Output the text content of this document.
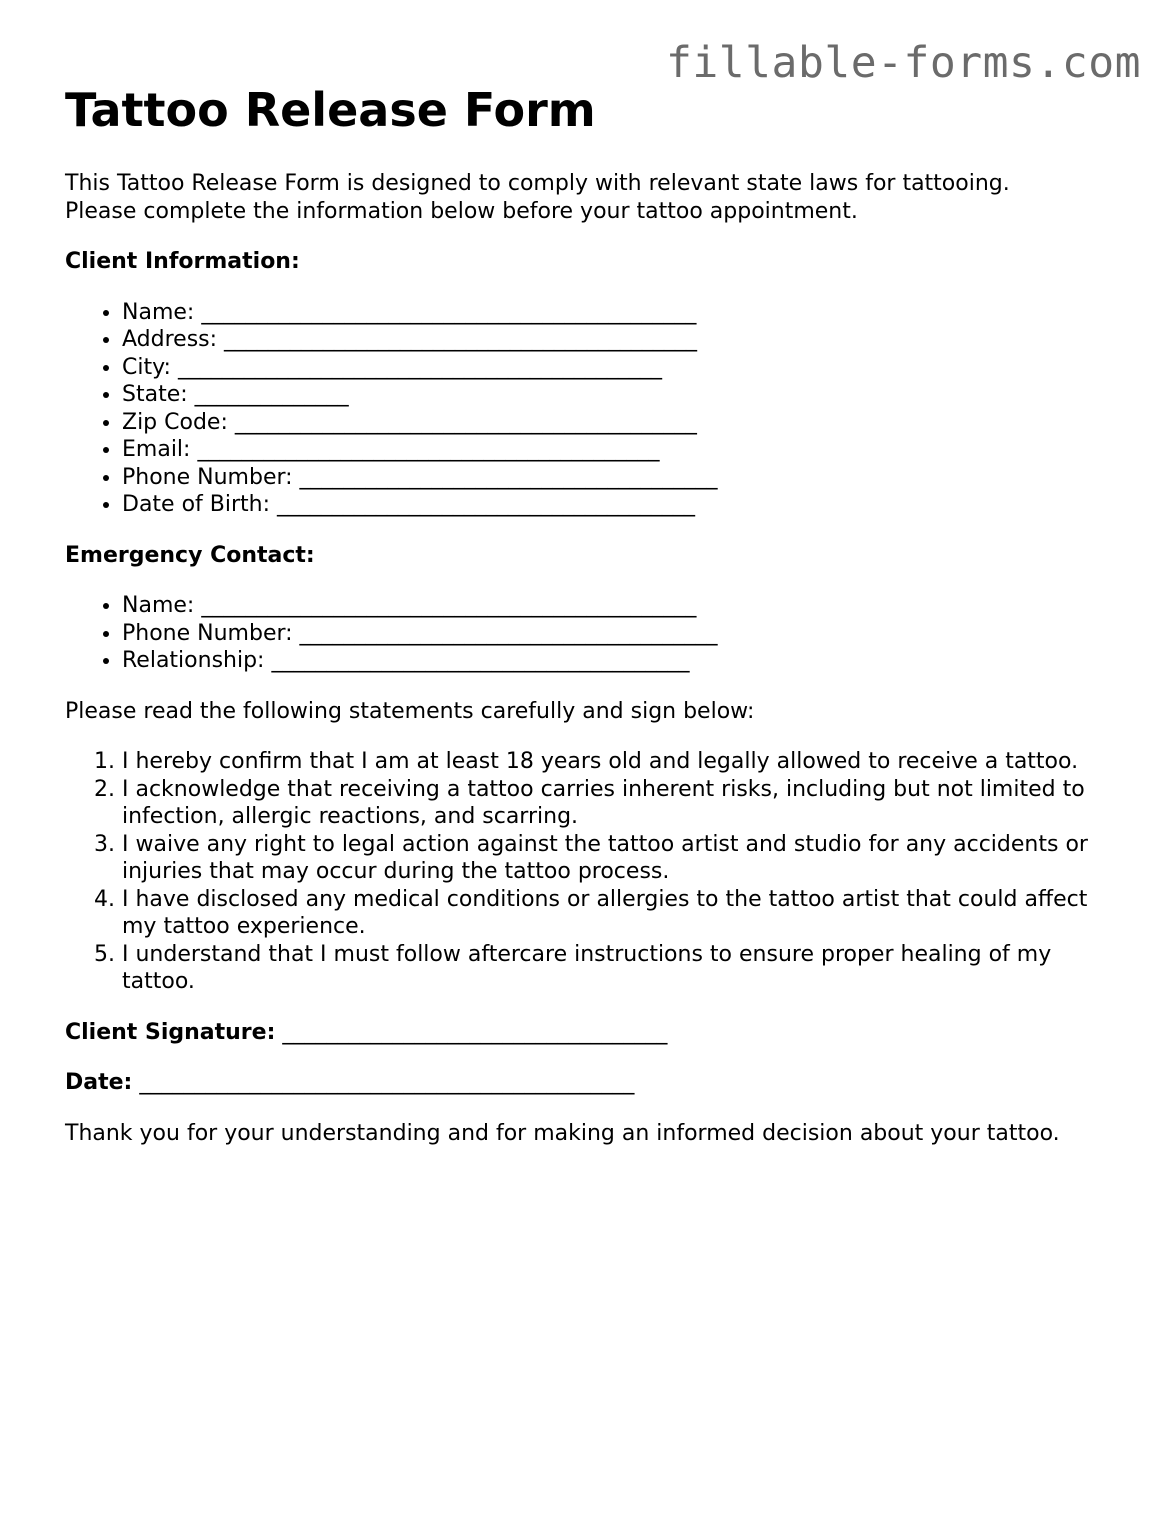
fillable-forms.com
Tattoo Release Form

This Tattoo Release Form is designed to comply with relevant state laws for tattooing.

Please complete the information below before your tattoo appointment.

Client Information:

• Name: _____________________________________________
• Address: ___________________________________________
• City: ____________________________________________
• State: ______________
• Zip Code: __________________________________________
• Email: __________________________________________
• Phone Number: ______________________________________
• Date of Birth: ______________________________________

Emergency Contact:

• Name: _____________________________________________
• Phone Number: ______________________________________
• Relationship: ______________________________________

Please read the following statements carefully and sign below:

1. I hereby confirm that I am at least 18 years old and legally allowed to receive a tattoo.
2. I acknowledge that receiving a tattoo carries inherent risks, including but not limited to infection, allergic reactions, and scarring.
3. I waive any right to legal action against the tattoo artist and studio for any accidents or injuries that may occur during the tattoo process.
4. I have disclosed any medical conditions or allergies to the tattoo artist that could affect my tattoo experience.
5. I understand that I must follow aftercare instructions to ensure proper healing of my tattoo.

Client Signature: ___________________________________

Date: _____________________________________________

Thank you for your understanding and for making an informed decision about your tattoo.
